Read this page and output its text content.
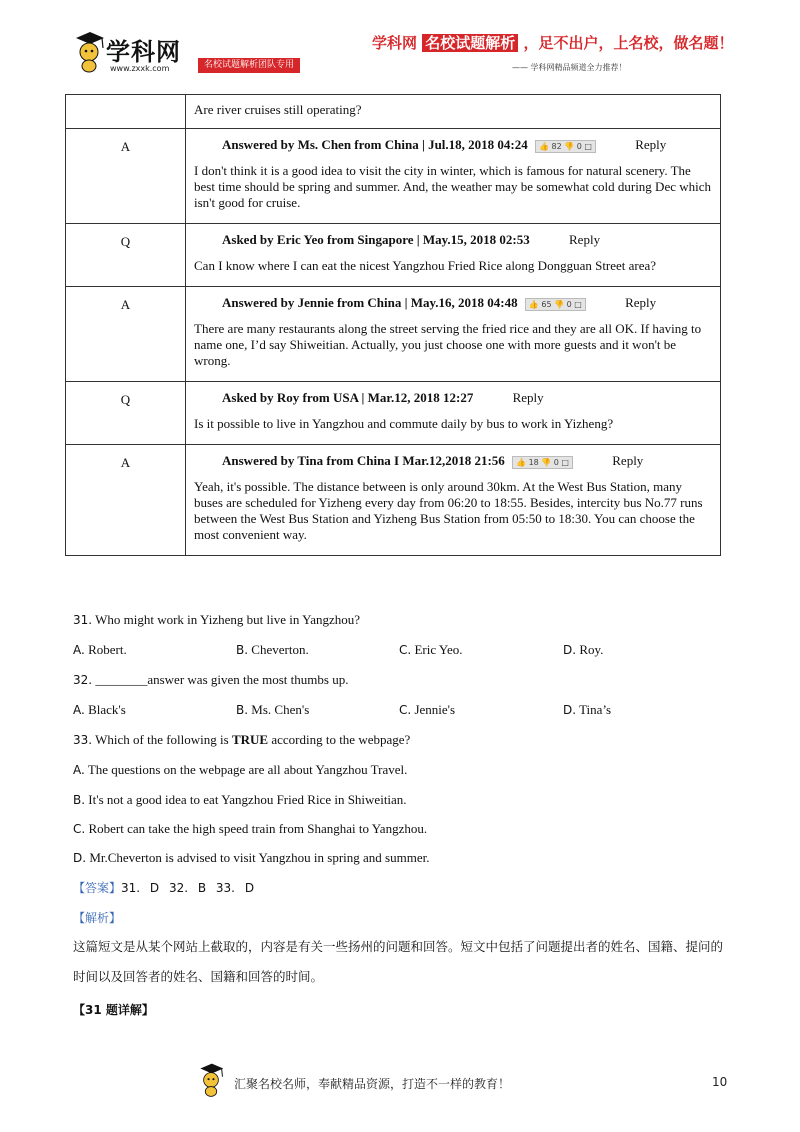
学科网
www.zxxk.com	名校试题解析团队专用
学科网 名校试题解析 ，足不出户，上名校，做名题！
—— 学科网精品频道全力推荐！

	Are river cruises still operating?

A	Answered by Ms. Chen from China | Jul.18, 2018 04:24 👍 82 👎 0 □ Reply

I don't think it is a good idea to visit the city in winter, which is famous for natural scenery. The best time should be spring and summer. And, the weather may be somewhat cold during Dec which isn't good for cruise.

Q	Asked by Eric Yeo from Singapore | May.15, 2018 02:53 Reply

Can I know where I can eat the nicest Yangzhou Fried Rice along Dongguan Street area?

A	Answered by Jennie from China | May.16, 2018 04:48 👍 65 👎 0 □ Reply

There are many restaurants along the street serving the fried rice and they are all OK. If having to name one, I’d say Shiweitian. Actually, you just choose one with more guests and it won't be wrong.

Q	Asked by Roy from USA | Mar.12, 2018 12:27 Reply

Is it possible to live in Yangzhou and commute daily by bus to work in Yizheng?

A	Answered by Tina from China I Mar.12,2018 21:56 👍 18 👎 0 □ Reply

Yeah, it's possible. The distance between is only around 30km. At the West Bus Station, many buses are scheduled for Yizheng every day from 06:20 to 18:55. Besides, intercity bus No.77 runs between the West Bus Station and Yizheng Bus Station from 05:50 to 18:30. You can choose the most convenient way.

31. Who might work in Yizheng but live in Yangzhou?
A. Robert.	B. Cheverton.	C. Eric Yeo.	D. Roy.
32. ________answer was given the most thumbs up.
A. Black's	B. Ms. Chen's	C. Jennie's	D. Tina’s
33. Which of the following is TRUE according to the webpage?
A. The questions on the webpage are all about Yangzhou Travel.
B. It's not a good idea to eat Yangzhou Fried Rice in Shiweitian.
C. Robert can take the high speed train from Shanghai to Yangzhou.
D. Mr.Cheverton is advised to visit Yangzhou in spring and summer.
【答案】31. D 32. B 33. D
【解析】
这篇短文是从某个网站上截取的，内容是有关一些扬州的问题和回答。短文中包括了问题提出者的姓名、国籍、提问的时间以及回答者的姓名、国籍和回答的时间。
【31 题详解】
汇聚名校名师，奉献精品资源，打造不一样的教育！	10
